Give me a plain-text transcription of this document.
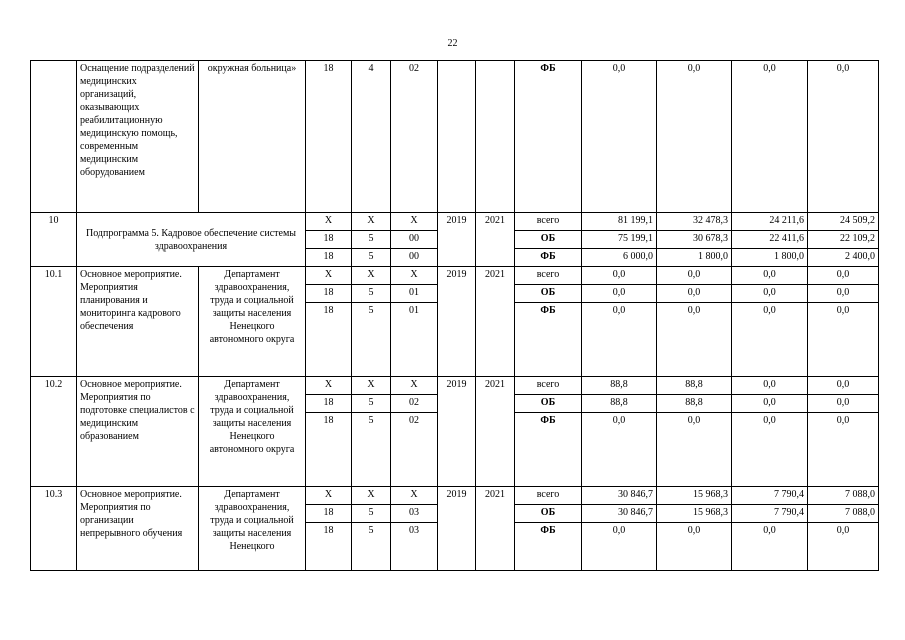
22
	Оснащение подразделений медицинских организаций, оказывающих реабилитационную медицинскую помощь, современным медицинским оборудованием	окружная больница»	18	4	02			ФБ	0,0	0,0	0,0	0,0
10	Подпрограмма 5. Кадровое обеспечение системы здравоохранения		Х	Х	Х	2019	2021	всего	81 199,1	32 478,3	24 211,6	24 509,2
			18	5	00			ОБ	75 199,1	30 678,3	22 411,6	22 109,2
			18	5	00			ФБ	6 000,0	1 800,0	1 800,0	2 400,0
10.1	Основное мероприятие. Мероприятия планирования и мониторинга кадрового обеспечения	Департамент здравоохранения, труда и социальной защиты населения Ненецкого автономного округа	Х	Х	Х	2019	2021	всего	0,0	0,0	0,0	0,0
			18	5	01			ОБ	0,0	0,0	0,0	0,0
			18	5	01			ФБ	0,0	0,0	0,0	0,0
10.2	Основное мероприятие. Мероприятия по подготовке специалистов с медицинским образованием	Департамент здравоохранения, труда и социальной защиты населения Ненецкого автономного округа	Х	Х	Х	2019	2021	всего	88,8	88,8	0,0	0,0
			18	5	02			ОБ	88,8	88,8	0,0	0,0
			18	5	02			ФБ	0,0	0,0	0,0	0,0
10.3	Основное мероприятие. Мероприятия по организации непрерывного обучения	Департамент здравоохранения, труда и социальной защиты населения Ненецкого	Х	Х	Х	2019	2021	всего	30 846,7	15 968,3	7 790,4	7 088,0
			18	5	03			ОБ	30 846,7	15 968,3	7 790,4	7 088,0
			18	5	03			ФБ	0,0	0,0	0,0	0,0
